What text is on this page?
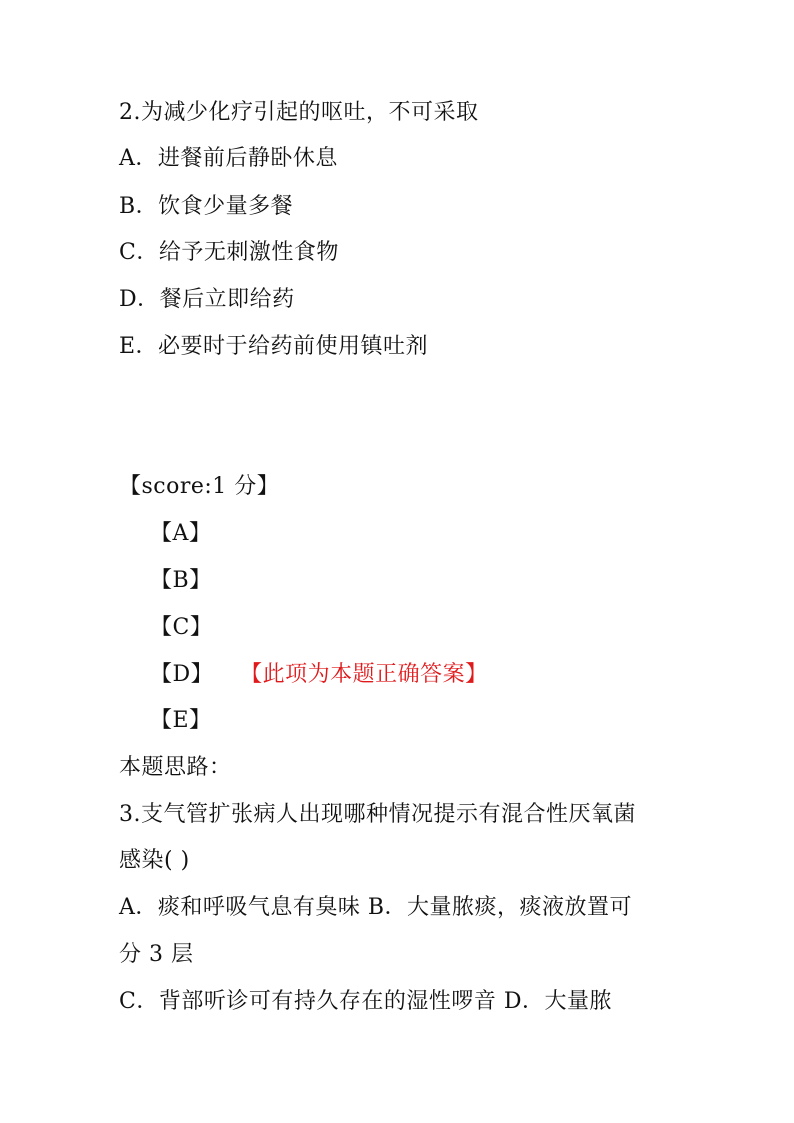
2.为减少化疗引起的呕吐，不可采取
A．进餐前后静卧休息
B．饮食少量多餐
C．给予无刺激性食物
D．餐后立即给药
E．必要时于给药前使用镇吐剂
【score:1 分】
【A】
【B】
【C】
【D】 【此项为本题正确答案】
【E】
本题思路：
3.支气管扩张病人出现哪种情况提示有混合性厌氧菌
感染( )
A．痰和呼吸气息有臭味 B．大量脓痰，痰液放置可
分 3 层
C．背部听诊可有持久存在的湿性啰音 D．大量脓
